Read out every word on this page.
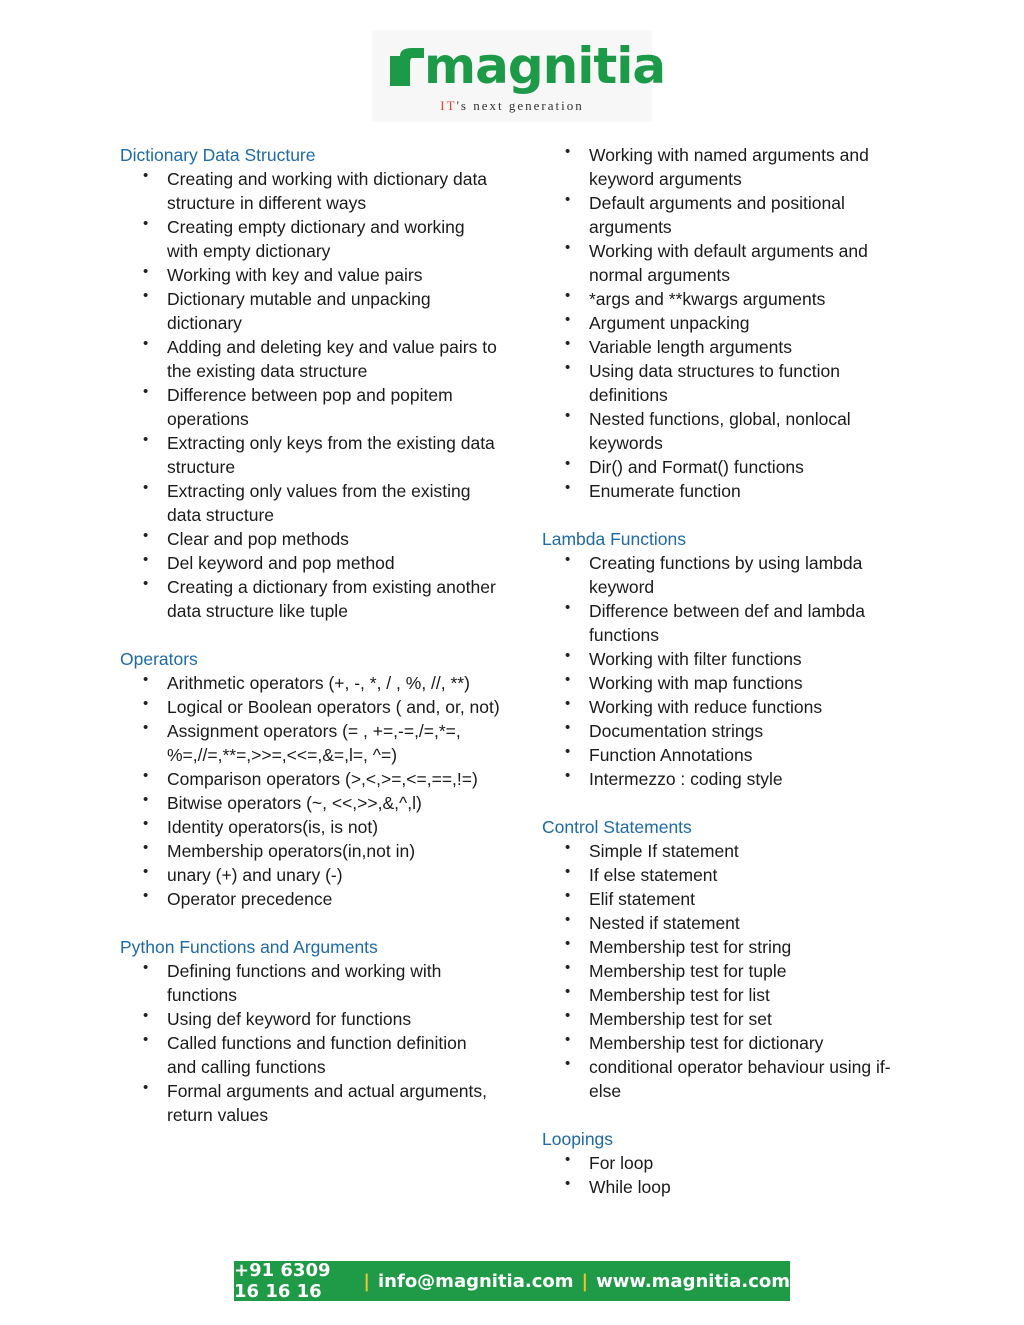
magnitia
IT's next generation
Dictionary Data Structure
• Creating and working with dictionary data structure in different ways
• Creating empty dictionary and working with empty dictionary
• Working with key and value pairs
• Dictionary mutable and unpacking dictionary
• Adding and deleting key and value pairs to the existing data structure
• Difference between pop and popitem operations
• Extracting only keys from the existing data structure
• Extracting only values from the existing data structure
• Clear and pop methods
• Del keyword and pop method
• Creating a dictionary from existing another data structure like tuple
Operators
• Arithmetic operators (+, -, *, / , %, //, **)
• Logical or Boolean operators ( and, or, not)
• Assignment operators (= , +=,-=,/=,*=, %=,//=,**=,>>=,<<=,&=,l=, ^=)
• Comparison operators (>,<,>=,<=,==,!=)
• Bitwise operators (~, <<,>>,&,^,l)
• Identity operators(is, is not)
• Membership operators(in,not in)
• unary (+) and unary (-)
• Operator precedence
Python Functions and Arguments
• Defining functions and working with functions
• Using def keyword for functions
• Called functions and function definition and calling functions
• Formal arguments and actual arguments, return values
• Working with named arguments and keyword arguments
• Default arguments and positional arguments
• Working with default arguments and normal arguments
• *args and **kwargs arguments
• Argument unpacking
• Variable length arguments
• Using data structures to function definitions
• Nested functions, global, nonlocal keywords
• Dir() and Format() functions
• Enumerate function
Lambda Functions
• Creating functions by using lambda keyword
• Difference between def and lambda functions
• Working with filter functions
• Working with map functions
• Working with reduce functions
• Documentation strings
• Function Annotations
• Intermezzo : coding style
Control Statements
• Simple If statement
• If else statement
• Elif statement
• Nested if statement
• Membership test for string
• Membership test for tuple
• Membership test for list
• Membership test for set
• Membership test for dictionary
• conditional operator behaviour using if-else
Loopings
• For loop
• While loop
+91 6309 16 16 16	| info@magnitia.com | www.magnitia.com
